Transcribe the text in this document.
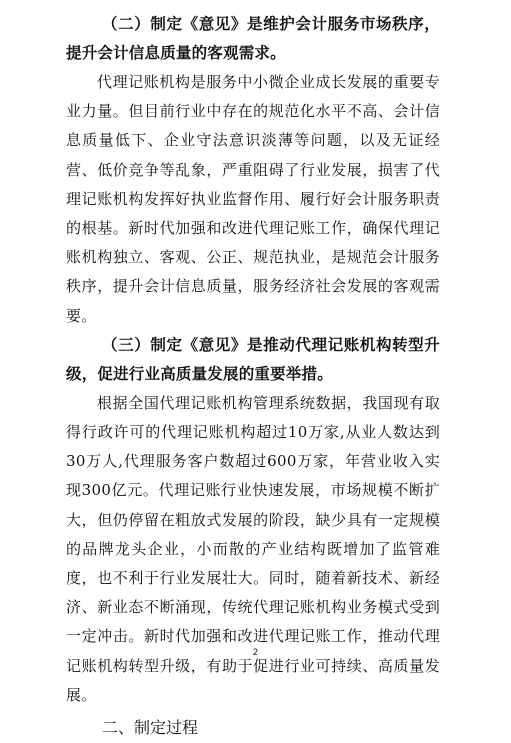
（二）制定《意见》是维护会计服务市场秩序，提升会计信息质量的客观需求。

代理记账机构是服务中小微企业成长发展的重要专业力量。但目前行业中存在的规范化水平不高、会计信息质量低下、企业守法意识淡薄等问题，以及无证经营、低价竞争等乱象，严重阻碍了行业发展，损害了代理记账机构发挥好执业监督作用、履行好会计服务职责的根基。新时代加强和改进代理记账工作，确保代理记账机构独立、客观、公正、规范执业，是规范会计服务秩序，提升会计信息质量，服务经济社会发展的客观需要。

（三）制定《意见》是推动代理记账机构转型升级，促进行业高质量发展的重要举措。

根据全国代理记账机构管理系统数据，我国现有取得行政许可的代理记账机构超过10万家,从业人数达到30万人,代理服务客户数超过600万家，年营业收入实现300亿元。代理记账行业快速发展，市场规模不断扩大，但仍停留在粗放式发展的阶段，缺少具有一定规模的品牌龙头企业，小而散的产业结构既增加了监管难度，也不利于行业发展壮大。同时，随着新技术、新经济、新业态不断涌现，传统代理记账机构业务模式受到一定冲击。新时代加强和改进代理记账工作，推动代理记账机构转型升级，有助于促进行业可持续、高质量发展。

二、制定过程

2
